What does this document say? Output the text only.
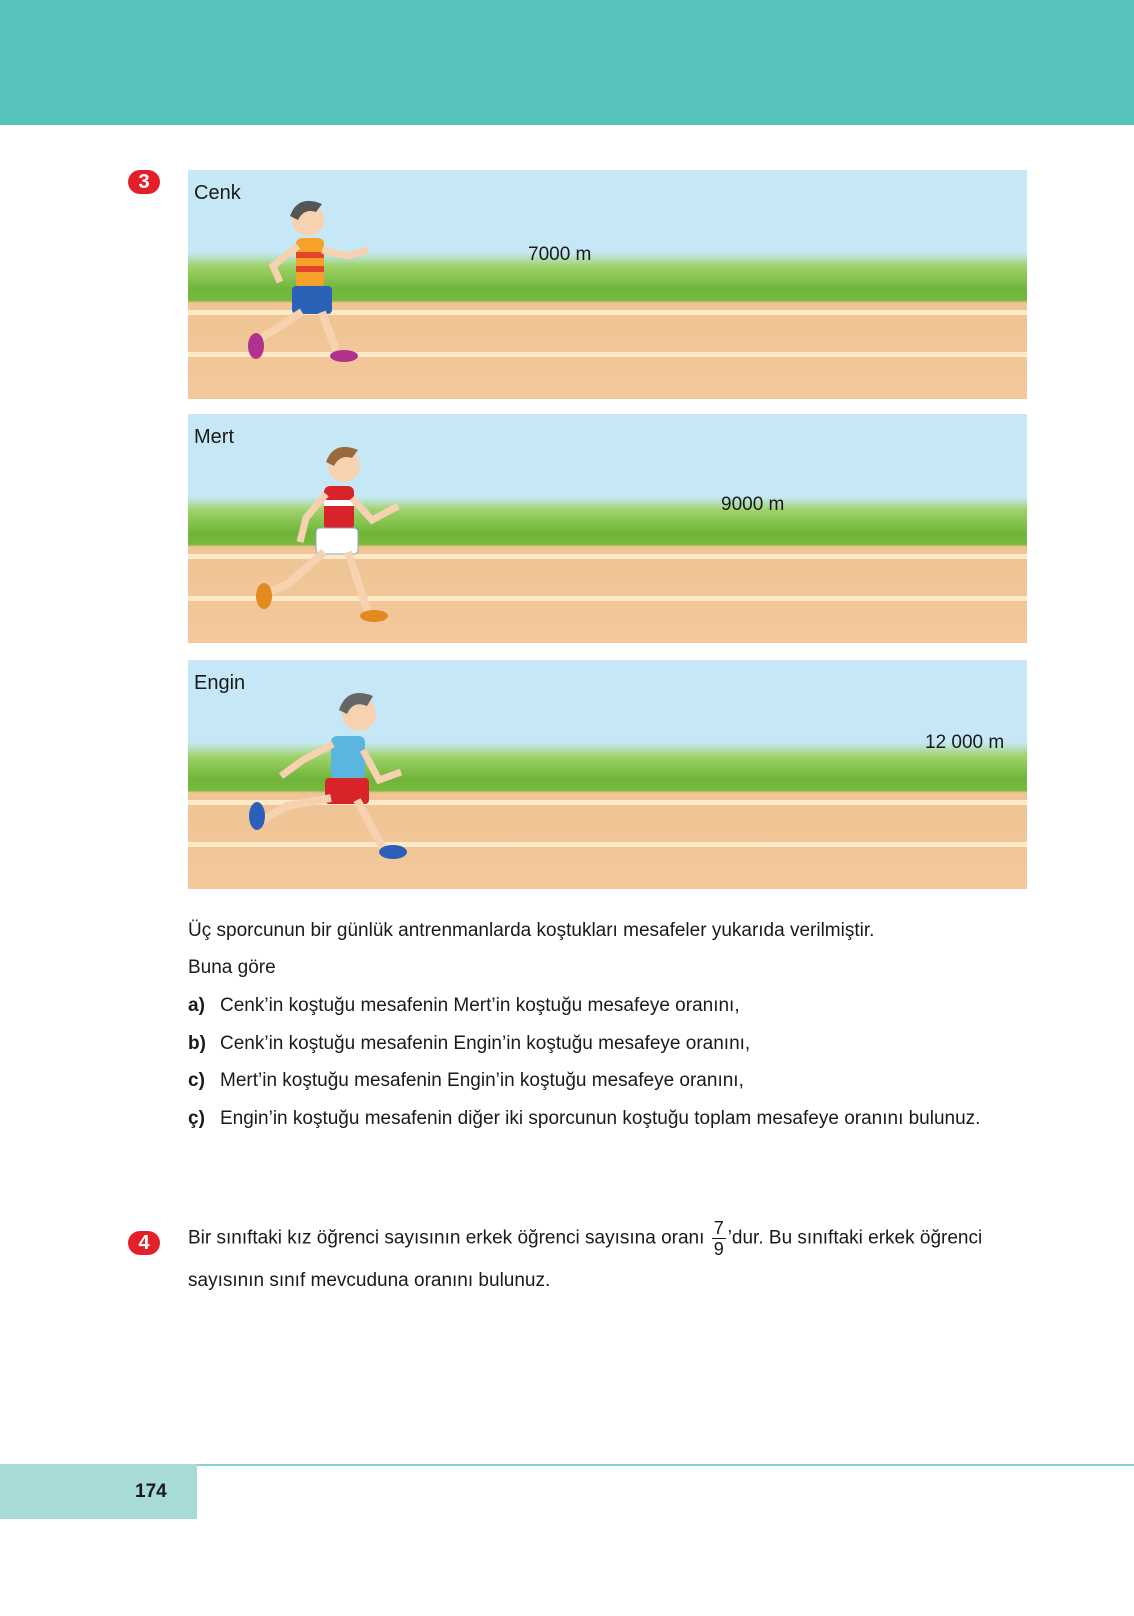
3	Cenk
7000 m
Mert
9000 m
Engin
12 000 m
Üç sporcunun bir günlük antrenmanlarda koştukları mesafeler yukarıda verilmiştir.
Buna göre
a) Cenk’in koştuğu mesafenin Mert’in koştuğu mesafeye oranını,
b) Cenk’in koştuğu mesafenin Engin’in koştuğu mesafeye oranını,
c) Mert’in koştuğu mesafenin Engin’in koştuğu mesafeye oranını,
ç) Engin’in koştuğu mesafenin diğer iki sporcunun koştuğu toplam mesafeye oranını bulunuz.
4	Bir sınıftaki kız öğrenci sayısının erkek öğrenci sayısına oranı $\frac{7}{9}$ ’dur. Bu sınıftaki erkek öğrenci
sayısının sınıf mevcuduna oranını bulunuz.
174
